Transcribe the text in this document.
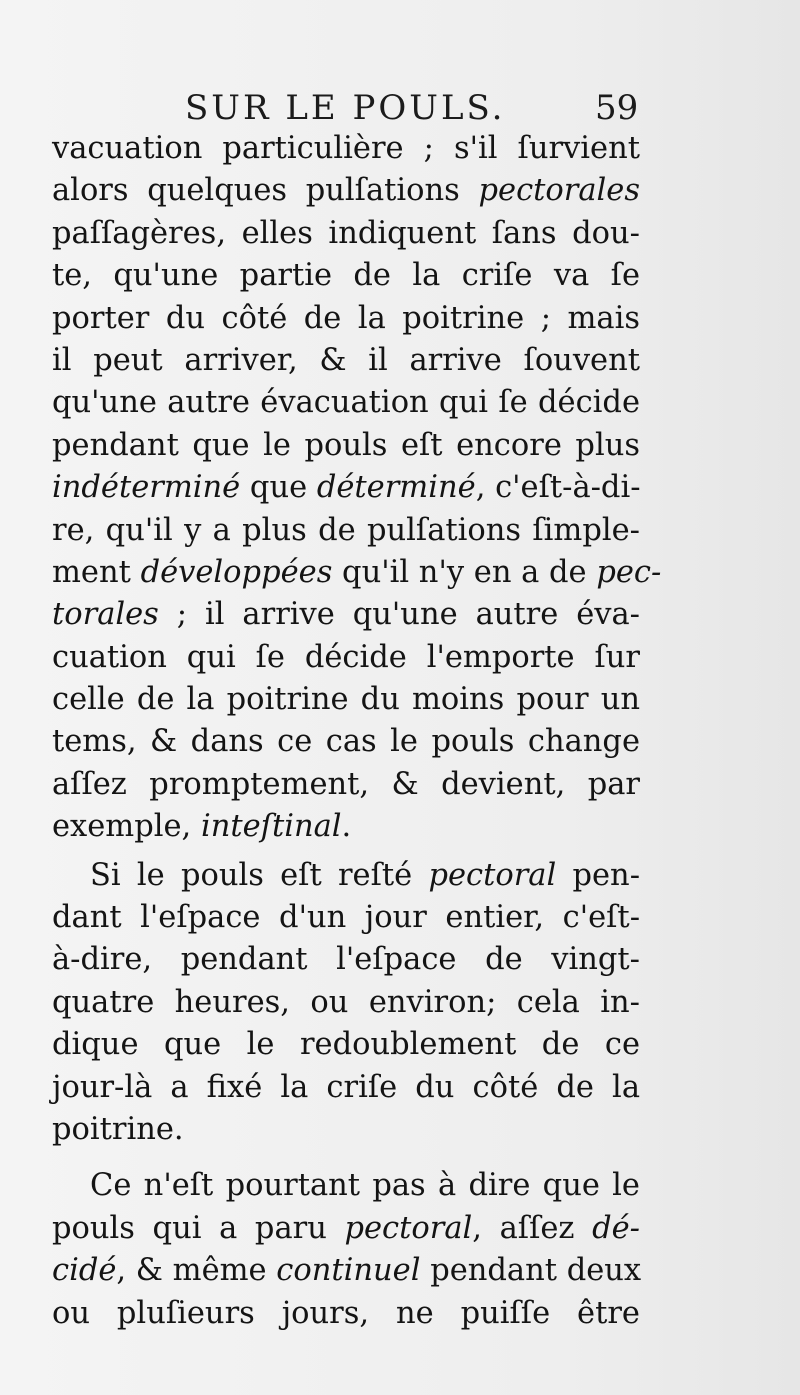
SUR LE POULS.	59
vacuation particulière ; s'il ſurvient
alors quelques pulſations pectorales
paſſagères, elles indiquent ſans dou-
te, qu'une partie de la criſe va ſe
porter du côté de la poitrine ; mais
il peut arriver, & il arrive ſouvent
qu'une autre évacuation qui ſe décide
pendant que le pouls eſt encore plus
indéterminé que déterminé, c'eſt-à-di-
re, qu'il y a plus de pulſations ſimple-
ment développées qu'il n'y en a de pec-
torales ; il arrive qu'une autre éva-
cuation qui ſe décide l'emporte ſur
celle de la poitrine du moins pour un
tems, & dans ce cas le pouls change
aſſez promptement, & devient, par
exemple, inteſtinal.
Si le pouls eſt reſté pectoral pen-
dant l'eſpace d'un jour entier, c'eſt-
à-dire, pendant l'eſpace de vingt-
quatre heures, ou environ; cela in-
dique que le redoublement de ce
jour-là a fixé la criſe du côté de la
poitrine.
Ce n'eſt pourtant pas à dire que le
pouls qui a paru pectoral, aſſez dé-
cidé, & même continuel pendant deux
ou pluſieurs jours, ne puiſſe être
